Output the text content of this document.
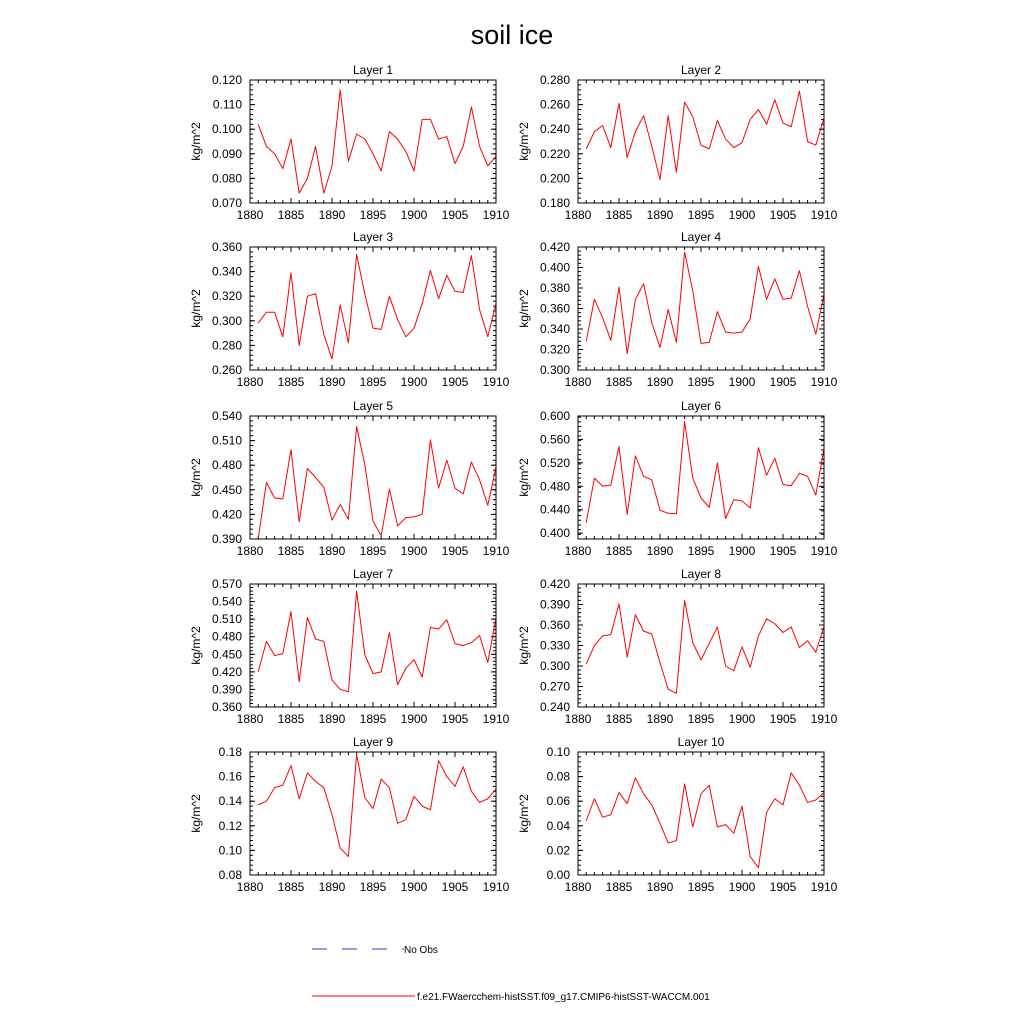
soil ice
Layer 1
kg/m^2
1880 1885 1890 1895 1900 1905 1910
0.070
0.080
0.090
0.100
0.110
0.120
Layer 2
kg/m^2
1880 1885 1890 1895 1900 1905 1910
0.180
0.200
0.220
0.240
0.260
0.280
Layer 3
kg/m^2
1880 1885 1890 1895 1900 1905 1910
0.260
0.280
0.300
0.320
0.340
0.360
Layer 4
kg/m^2
1880 1885 1890 1895 1900 1905 1910
0.300
0.320
0.340
0.360
0.380
0.400
0.420
Layer 5
kg/m^2
1880 1885 1890 1895 1900 1905 1910
0.390
0.420
0.450
0.480
0.510
0.540
Layer 6
kg/m^2
1880 1885 1890 1895 1900 1905 1910
0.400
0.440
0.480
0.520
0.560
0.600
Layer 7
kg/m^2
1880 1885 1890 1895 1900 1905 1910
0.360
0.390
0.420
0.450
0.480
0.510
0.540
0.570
Layer 8
kg/m^2
1880 1885 1890 1895 1900 1905 1910
0.240
0.270
0.300
0.330
0.360
0.390
0.420
Layer 9
kg/m^2
1880 1885 1890 1895 1900 1905 1910
0.08
0.10
0.12
0.14
0.16
0.18
Layer 10
kg/m^2
1880 1885 1890 1895 1900 1905 1910
0.00
0.02
0.04
0.06
0.08
0.10
No Obs
f.e21.FWaercchem-histSST.f09_g17.CMIP6-histSST-WACCM.001
